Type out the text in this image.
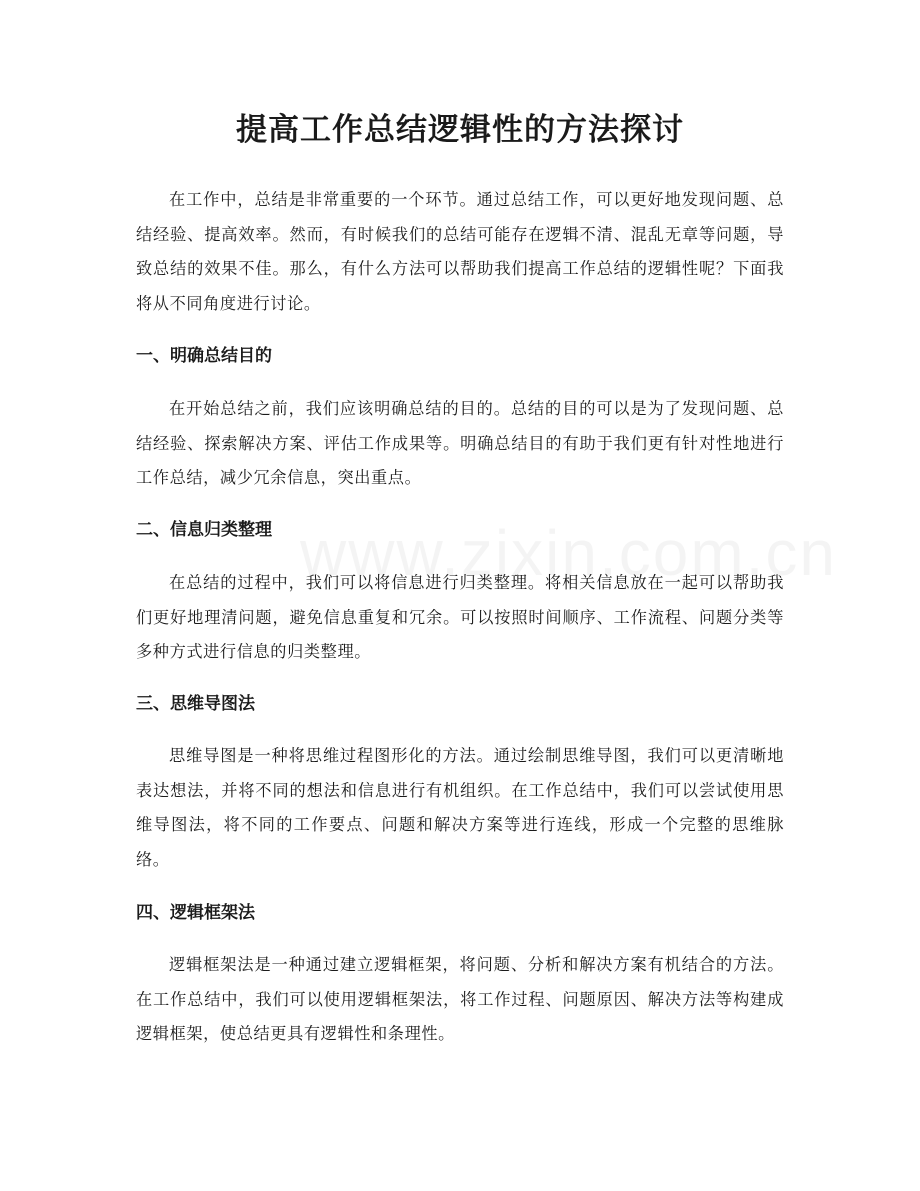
提高工作总结逻辑性的方法探讨

在工作中，总结是非常重要的一个环节。通过总结工作，可以更好地发现问题、总结经验、提高效率。然而，有时候我们的总结可能存在逻辑不清、混乱无章等问题，导致总结的效果不佳。那么，有什么方法可以帮助我们提高工作总结的逻辑性呢？下面我将从不同角度进行讨论。

一、明确总结目的

在开始总结之前，我们应该明确总结的目的。总结的目的可以是为了发现问题、总结经验、探索解决方案、评估工作成果等。明确总结目的有助于我们更有针对性地进行工作总结，减少冗余信息，突出重点。

二、信息归类整理

在总结的过程中，我们可以将信息进行归类整理。将相关信息放在一起可以帮助我们更好地理清问题，避免信息重复和冗余。可以按照时间顺序、工作流程、问题分类等多种方式进行信息的归类整理。

三、思维导图法

思维导图是一种将思维过程图形化的方法。通过绘制思维导图，我们可以更清晰地表达想法，并将不同的想法和信息进行有机组织。在工作总结中，我们可以尝试使用思维导图法，将不同的工作要点、问题和解决方案等进行连线，形成一个完整的思维脉络。

四、逻辑框架法

逻辑框架法是一种通过建立逻辑框架，将问题、分析和解决方案有机结合的方法。在工作总结中，我们可以使用逻辑框架法，将工作过程、问题原因、解决方法等构建成逻辑框架，使总结更具有逻辑性和条理性。
